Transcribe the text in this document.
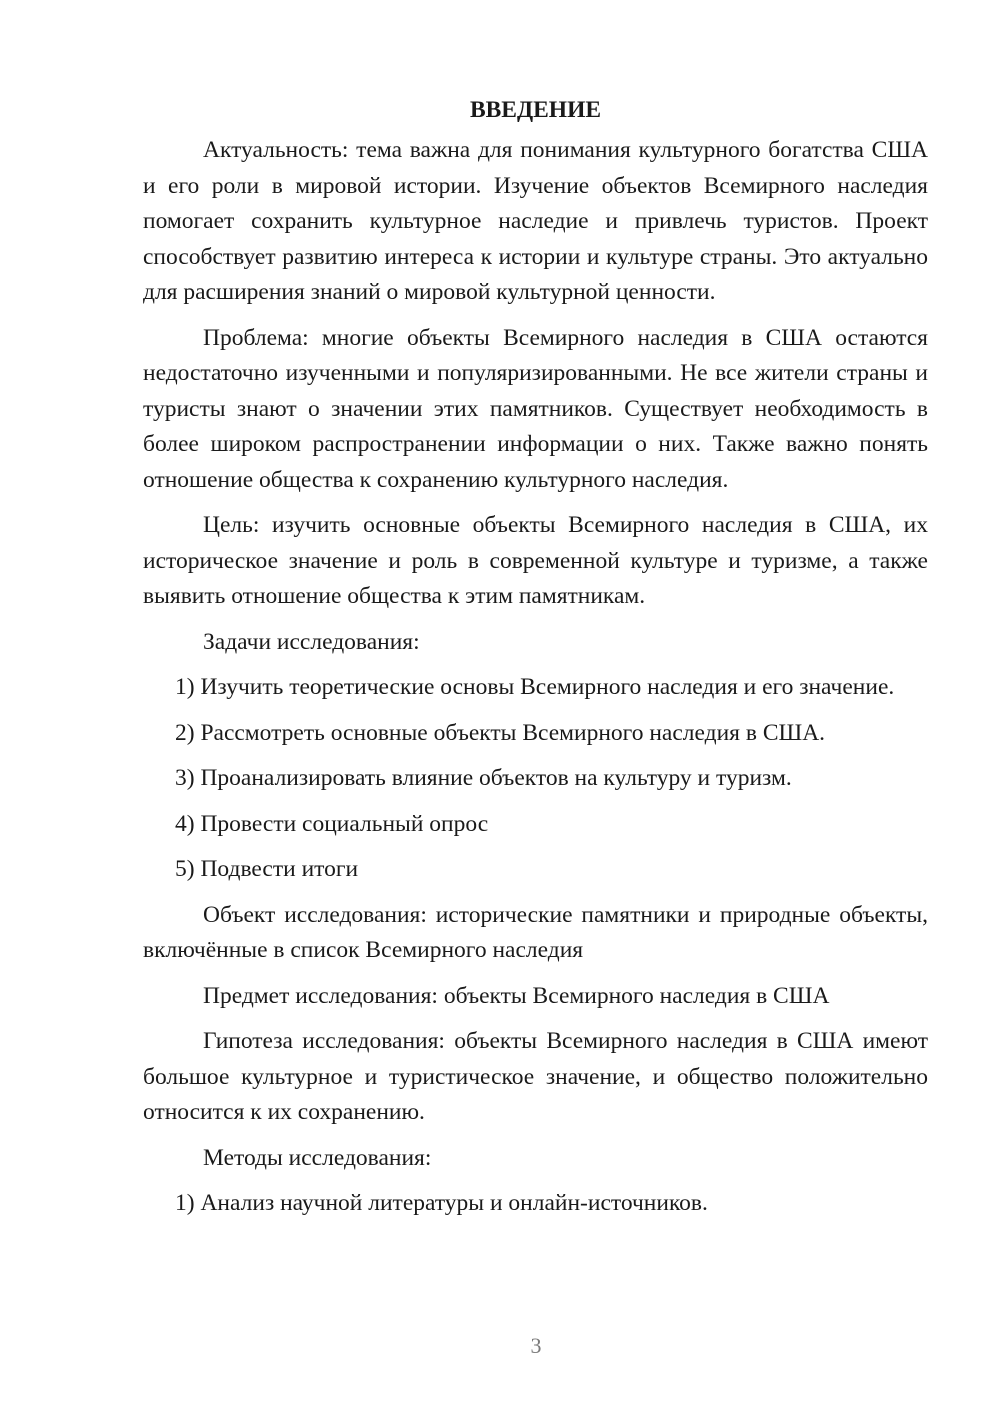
ВВЕДЕНИЕ

Актуальность: тема важна для понимания культурного богатства США и его роли в мировой истории. Изучение объектов Всемирного наследия помогает сохранить культурное наследие и привлечь туристов. Проект способствует развитию интереса к истории и культуре страны. Это актуально для расширения знаний о мировой культурной ценности.

Проблема: многие объекты Всемирного наследия в США остаются недостаточно изученными и популяризированными. Не все жители страны и туристы знают о значении этих памятников. Существует необходимость в более широком распространении информации о них. Также важно понять отношение общества к сохранению культурного наследия.

Цель: изучить основные объекты Всемирного наследия в США, их историческое значение и роль в современной культуре и туризме, а также выявить отношение общества к этим памятникам.

Задачи исследования:

1) Изучить теоретические основы Всемирного наследия и его значение.

2) Рассмотреть основные объекты Всемирного наследия в США.

3) Проанализировать влияние объектов на культуру и туризм.

4) Провести социальный опрос

5) Подвести итоги

Объект исследования: исторические памятники и природные объекты, включённые в список Всемирного наследия

Предмет исследования: объекты Всемирного наследия в США

Гипотеза исследования: объекты Всемирного наследия в США имеют большое культурное и туристическое значение, и общество положительно относится к их сохранению.

Методы исследования:

1) Анализ научной литературы и онлайн-источников.

3
